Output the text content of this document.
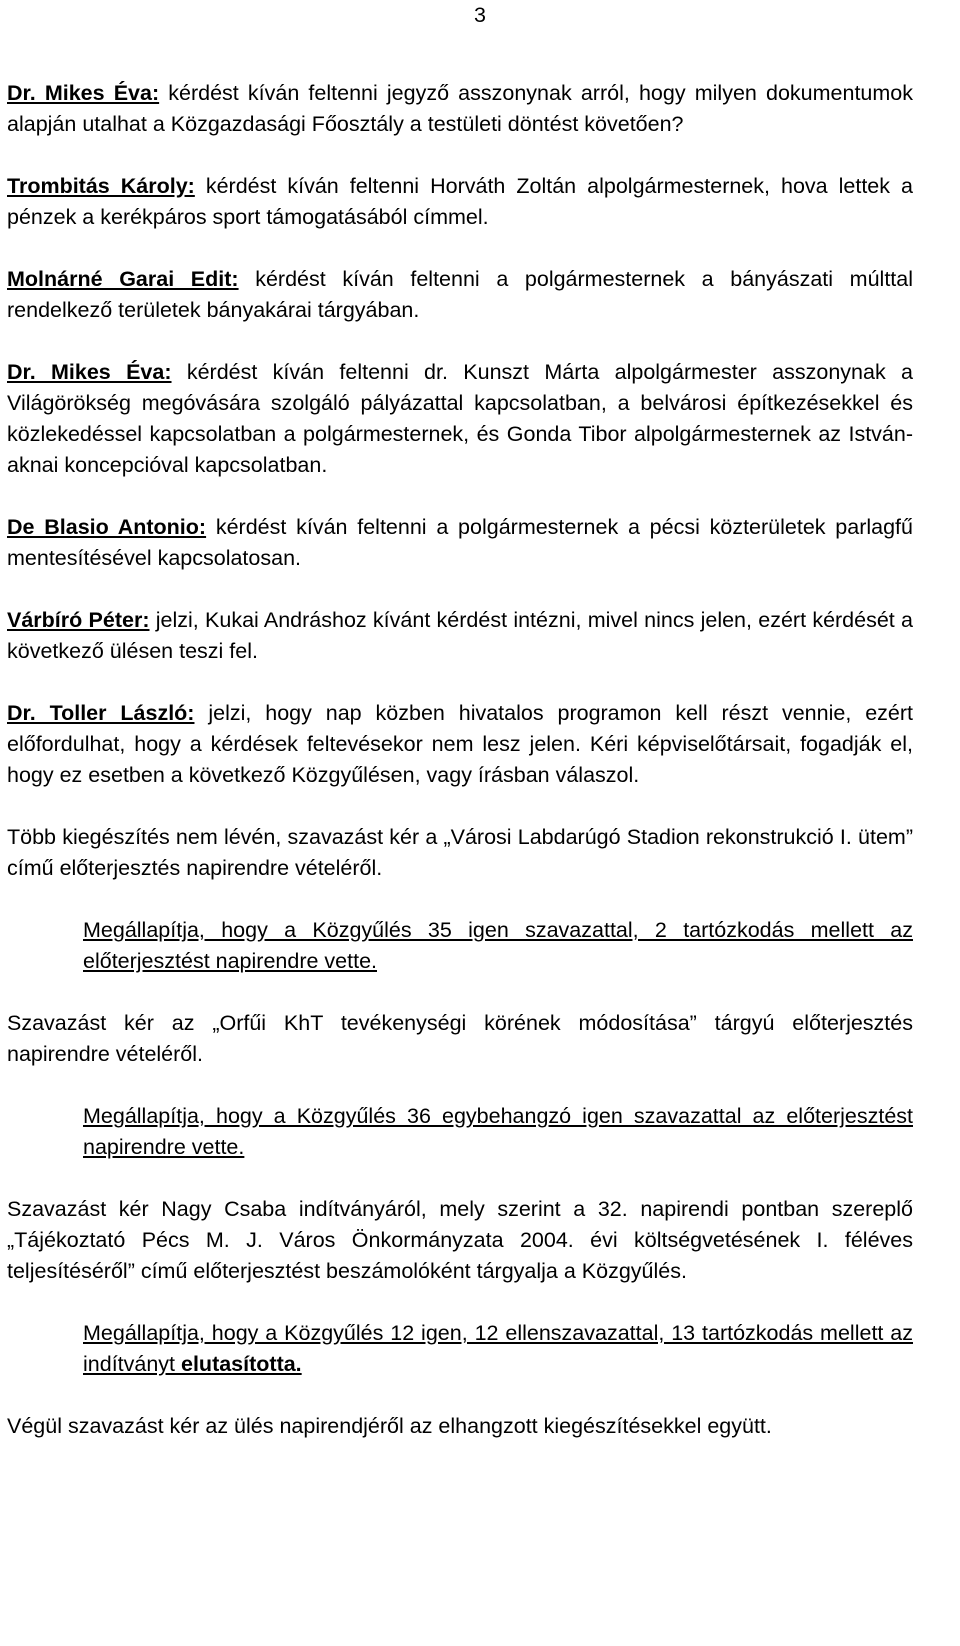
3

Dr. Mikes Éva: kérdést kíván feltenni jegyző asszonynak arról, hogy milyen dokumentumok alapján utalhat a Közgazdasági Főosztály a testületi döntést követően?

Trombitás Károly: kérdést kíván feltenni Horváth Zoltán alpolgármesternek, hova lettek a pénzek a kerékpáros sport támogatásából címmel.

Molnárné Garai Edit: kérdést kíván feltenni a polgármesternek a bányászati múlttal rendelkező területek bányakárai tárgyában.

Dr. Mikes Éva: kérdést kíván feltenni dr. Kunszt Márta alpolgármester asszonynak a Világörökség megóvására szolgáló pályázattal kapcsolatban, a belvárosi építkezésekkel és közlekedéssel kapcsolatban a polgármesternek, és Gonda Tibor alpolgármesternek az István-aknai koncepcióval kapcsolatban.

De Blasio Antonio: kérdést kíván feltenni a polgármesternek a pécsi közterületek parlagfű mentesítésével kapcsolatosan.

Várbíró Péter: jelzi, Kukai Andráshoz kívánt kérdést intézni, mivel nincs jelen, ezért kérdését a következő ülésen teszi fel.

Dr. Toller László: jelzi, hogy nap közben hivatalos programon kell részt vennie, ezért előfordulhat, hogy a kérdések feltevésekor nem lesz jelen. Kéri képviselőtársait, fogadják el, hogy ez esetben a következő Közgyűlésen, vagy írásban válaszol.

Több kiegészítés nem lévén, szavazást kér a „Városi Labdarúgó Stadion rekonstrukció I. ütem” című előterjesztés napirendre vételéről.

Megállapítja, hogy a Közgyűlés 35 igen szavazattal, 2 tartózkodás mellett az előterjesztést napirendre vette.

Szavazást kér az „Orfűi KhT tevékenységi körének módosítása” tárgyú előterjesztés napirendre vételéről.

Megállapítja, hogy a Közgyűlés 36 egybehangzó igen szavazattal az előterjesztést napirendre vette.

Szavazást kér Nagy Csaba indítványáról, mely szerint a 32. napirendi pontban szereplő „Tájékoztató Pécs M. J. Város Önkormányzata 2004. évi költségvetésének I. féléves teljesítéséről” című előterjesztést beszámolóként tárgyalja a Közgyűlés.

Megállapítja, hogy a Közgyűlés 12 igen, 12 ellenszavazattal, 13 tartózkodás mellett az indítványt elutasította.

Végül szavazást kér az ülés napirendjéről az elhangzott kiegészítésekkel együtt.
